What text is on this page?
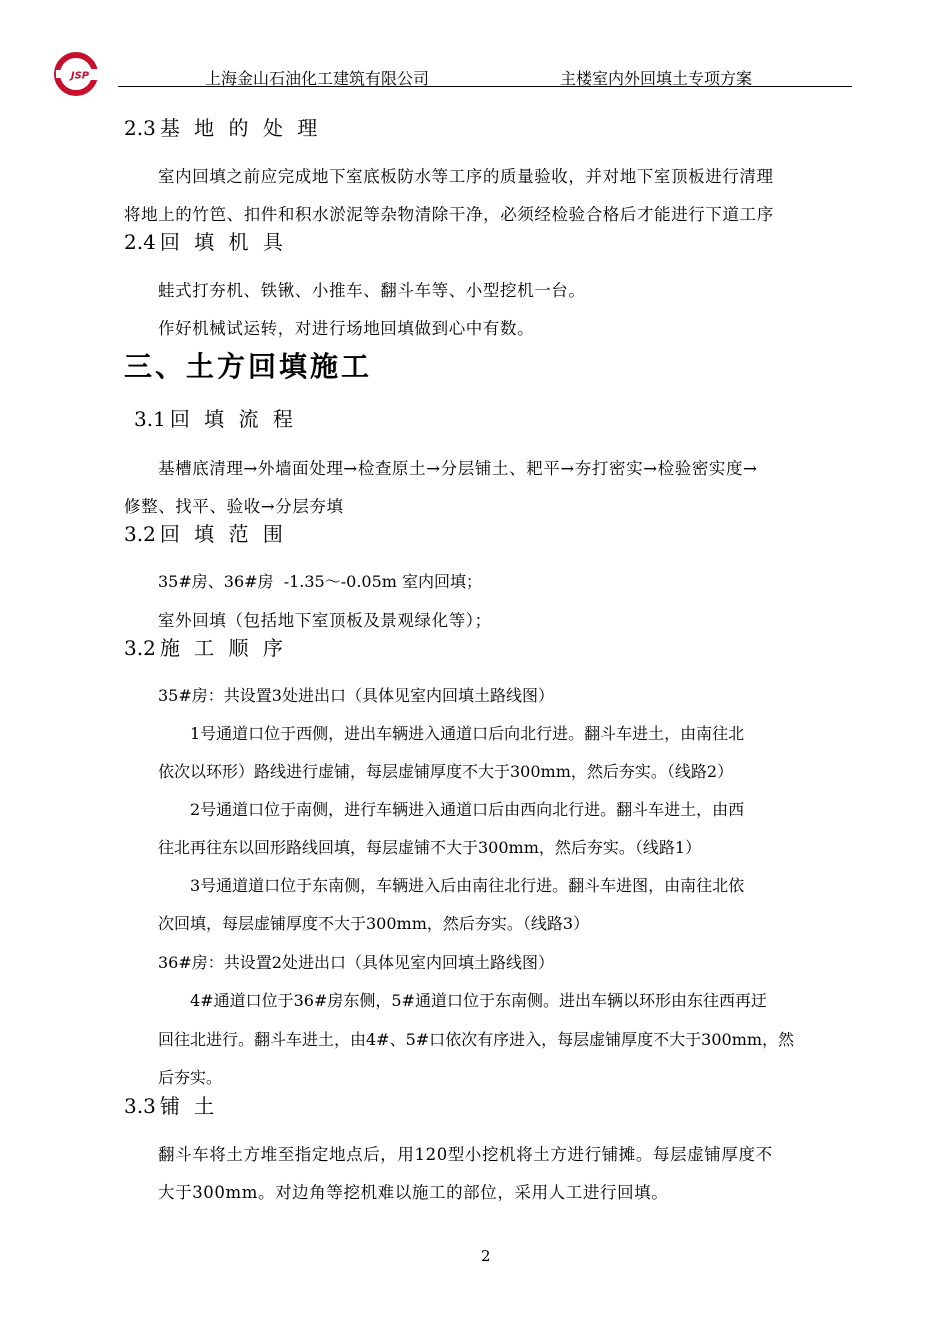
JSP	上海金山石油化工建筑有限公司	主楼室内外回填土专项方案
2.3 基 地 的 处 理
室内回填之前应完成地下室底板防水等工序的质量验收，并对地下室顶板进行清理
将地上的竹笆、扣件和积水淤泥等杂物清除干净，必须经检验合格后才能进行下道工序
2.4 回 填 机 具
蛙式打夯机、铁锹、小推车、翻斗车等、小型挖机一台。
作好机械试运转，对进行场地回填做到心中有数。
三、土方回填施工
3.1 回 填 流 程
基槽底清理→外墙面处理→检查原土→分层铺土、耙平→夯打密实→检验密实度→
修整、找平、验收→分层夯填
3.2 回 填 范 围
35#房、36#房  -1.35～-0.05m 室内回填；
室外回填（包括地下室顶板及景观绿化等）；
3.2 施 工 顺 序
35#房：共设置3处进出口（具体见室内回填土路线图）
1号通道口位于西侧，进出车辆进入通道口后向北行进。翻斗车进土，由南往北
依次以环形）路线进行虚铺，每层虚铺厚度不大于300mm，然后夯实。（线路2）
2号通道口位于南侧，进行车辆进入通道口后由西向北行进。翻斗车进土，由西
往北再往东以回形路线回填，每层虚铺不大于300mm，然后夯实。（线路1）
3号通道道口位于东南侧，车辆进入后由南往北行进。翻斗车进图，由南往北依
次回填，每层虚铺厚度不大于300mm，然后夯实。（线路3）
36#房：共设置2处进出口（具体见室内回填土路线图）
4#通道口位于36#房东侧，5#通道口位于东南侧。进出车辆以环形由东往西再迂
回往北进行。翻斗车进土，由4#、5#口依次有序进入，每层虚铺厚度不大于300mm，然
后夯实。
3.3 铺 土
翻斗车将土方堆至指定地点后，用120型小挖机将土方进行铺摊。每层虚铺厚度不
大于300mm。对边角等挖机难以施工的部位，采用人工进行回填。
2
